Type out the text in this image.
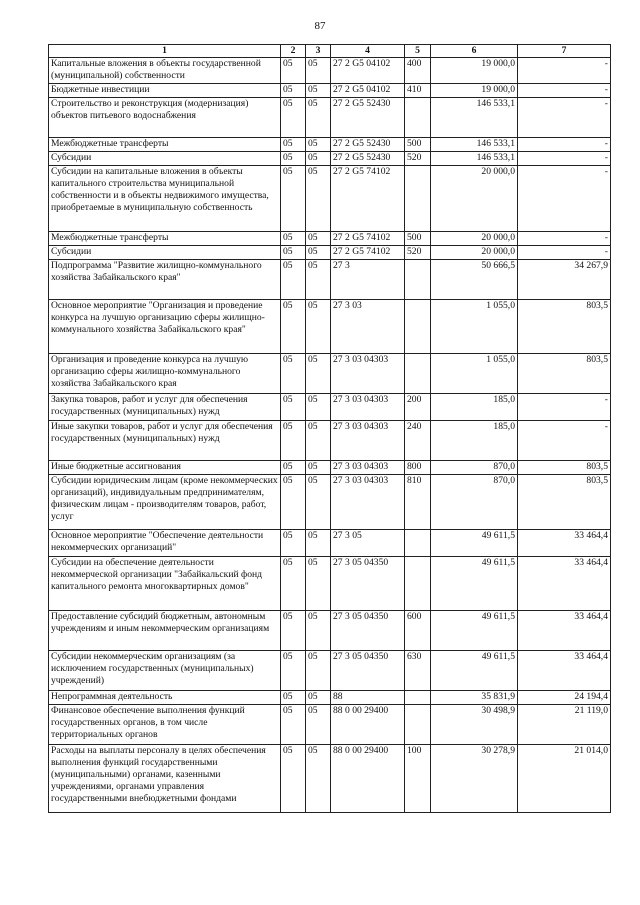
87
1	2	3	4	5	6	7
Капитальные вложения в объекты государственной (муниципальной) собственности	05	05	27 2 G5 04102	400	19 000,0	-
Бюджетные инвестиции	05	05	27 2 G5 04102	410	19 000,0	-
Строительство и реконструкция (модернизация) объектов питьевого водоснабжения	05	05	27 2 G5 52430		146 533,1	-
Межбюджетные трансферты	05	05	27 2 G5 52430	500	146 533,1	-
Субсидии	05	05	27 2 G5 52430	520	146 533,1	-
Субсидии на капитальные вложения в объекты капитального строительства муниципальной собственности и в объекты недвижимого имущества, приобретаемые в муниципальную собственность	05	05	27 2 G5 74102		20 000,0	-
Межбюджетные трансферты	05	05	27 2 G5 74102	500	20 000,0	-
Субсидии	05	05	27 2 G5 74102	520	20 000,0	-
Подпрограмма "Развитие жилищно-коммунального хозяйства Забайкальского края"	05	05	27 3		50 666,5	34 267,9
Основное мероприятие "Организация и проведение конкурса на лучшую организацию сферы жилищно-коммунального хозяйства Забайкальского края"	05	05	27 3 03		1 055,0	803,5
Организация и проведение конкурса на лучшую организацию сферы жилищно-коммунального хозяйства Забайкальского края	05	05	27 3 03 04303		1 055,0	803,5
Закупка товаров, работ и услуг для обеспечения государственных (муниципальных) нужд	05	05	27 3 03 04303	200	185,0	-
Иные закупки товаров, работ и услуг для обеспечения государственных (муниципальных) нужд	05	05	27 3 03 04303	240	185,0	-
Иные бюджетные ассигнования	05	05	27 3 03 04303	800	870,0	803,5
Субсидии юридическим лицам (кроме некоммерческих организаций), индивидуальным предпринимателям, физическим лицам - производителям товаров, работ, услуг	05	05	27 3 03 04303	810	870,0	803,5
Основное мероприятие "Обеспечение деятельности некоммерческих организаций"	05	05	27 3 05		49 611,5	33 464,4
Субсидии на обеспечение деятельности некоммерческой организации "Забайкальский фонд капитального ремонта многоквартирных домов"	05	05	27 3 05 04350		49 611,5	33 464,4
Предоставление субсидий бюджетным, автономным учреждениям и иным некоммерческим организациям	05	05	27 3 05 04350	600	49 611,5	33 464,4
Субсидии некоммерческим организациям (за исключением государственных (муниципальных) учреждений)	05	05	27 3 05 04350	630	49 611,5	33 464,4
Непрограммная деятельность	05	05	88		35 831,9	24 194,4
Финансовое обеспечение выполнения функций государственных органов, в том числе территориальных органов	05	05	88 0 00 29400		30 498,9	21 119,0
Расходы на выплаты персоналу в целях обеспечения выполнения функций государственными (муниципальными) органами, казенными учреждениями, органами управления государственными внебюджетными фондами	05	05	88 0 00 29400	100	30 278,9	21 014,0
